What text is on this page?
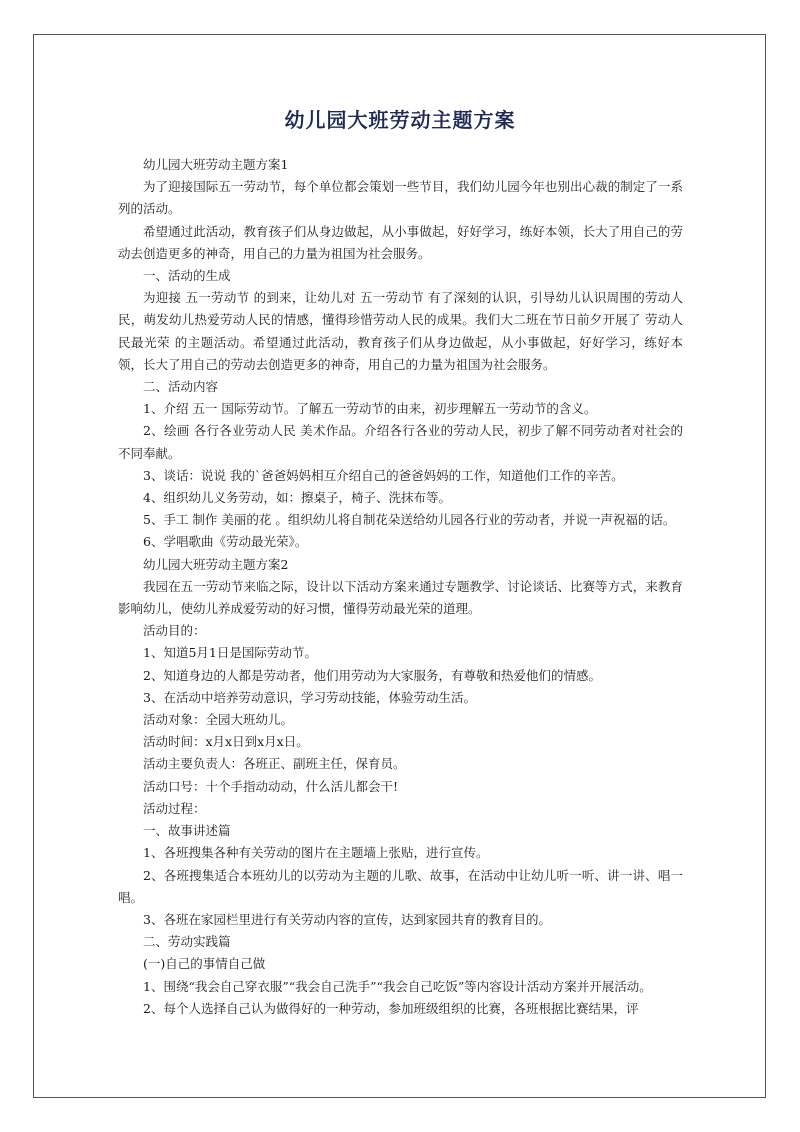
幼儿园大班劳动主题方案

幼儿园大班劳动主题方案1

为了迎接国际五一劳动节，每个单位都会策划一些节目，我们幼儿园今年也别出心裁的制定了一系列的活动。

希望通过此活动，教育孩子们从身边做起，从小事做起，好好学习，练好本领，长大了用自己的劳动去创造更多的神奇，用自己的力量为祖国为社会服务。

一、活动的生成

为迎接 五一劳动节 的到来，让幼儿对 五一劳动节 有了深刻的认识，引导幼儿认识周围的劳动人民，萌发幼儿热爱劳动人民的情感，懂得珍惜劳动人民的成果。我们大二班在节日前夕开展了 劳动人民最光荣 的主题活动。希望通过此活动，教育孩子们从身边做起，从小事做起，好好学习，练好本领，长大了用自己的劳动去创造更多的神奇，用自己的力量为祖国为社会服务。

二、活动内容

1、介绍 五一 国际劳动节。了解五一劳动节的由来，初步理解五一劳动节的含义。

2、绘画 各行各业劳动人民 美术作品。介绍各行各业的劳动人民，初步了解不同劳动者对社会的不同奉献。

3、谈话：说说 我的`爸爸妈妈相互介绍自己的爸爸妈妈的工作，知道他们工作的辛苦。

4、组织幼儿义务劳动，如：擦桌子，椅子、洗抹布等。

5、手工 制作 美丽的花 。组织幼儿将自制花朵送给幼儿园各行业的劳动者，并说一声祝福的话。

6、学唱歌曲《劳动最光荣》。

幼儿园大班劳动主题方案2

我园在五一劳动节来临之际，设计以下活动方案来通过专题教学、讨论谈话、比赛等方式，来教育影响幼儿，使幼儿养成爱劳动的好习惯，懂得劳动最光荣的道理。

活动目的：

1、知道5月1日是国际劳动节。

2、知道身边的人都是劳动者，他们用劳动为大家服务，有尊敬和热爱他们的情感。

3、在活动中培养劳动意识，学习劳动技能，体验劳动生活。

活动对象：全园大班幼儿。

活动时间：x月x日到x月x日。

活动主要负责人：各班正、副班主任，保育员。

活动口号：十个手指动动动，什么活儿都会干!

活动过程：

一、故事讲述篇

1、各班搜集各种有关劳动的图片在主题墙上张贴，进行宣传。

2、各班搜集适合本班幼儿的以劳动为主题的儿歌、故事，在活动中让幼儿听一听、讲一讲、唱一唱。

3、各班在家园栏里进行有关劳动内容的宣传，达到家园共育的教育目的。

二、劳动实践篇

(一)自己的事情自己做

1、围绕“我会自己穿衣服”“我会自己洗手”“我会自己吃饭”等内容设计活动方案并开展活动。

2、每个人选择自己认为做得好的一种劳动，参加班级组织的比赛，各班根据比赛结果，评
